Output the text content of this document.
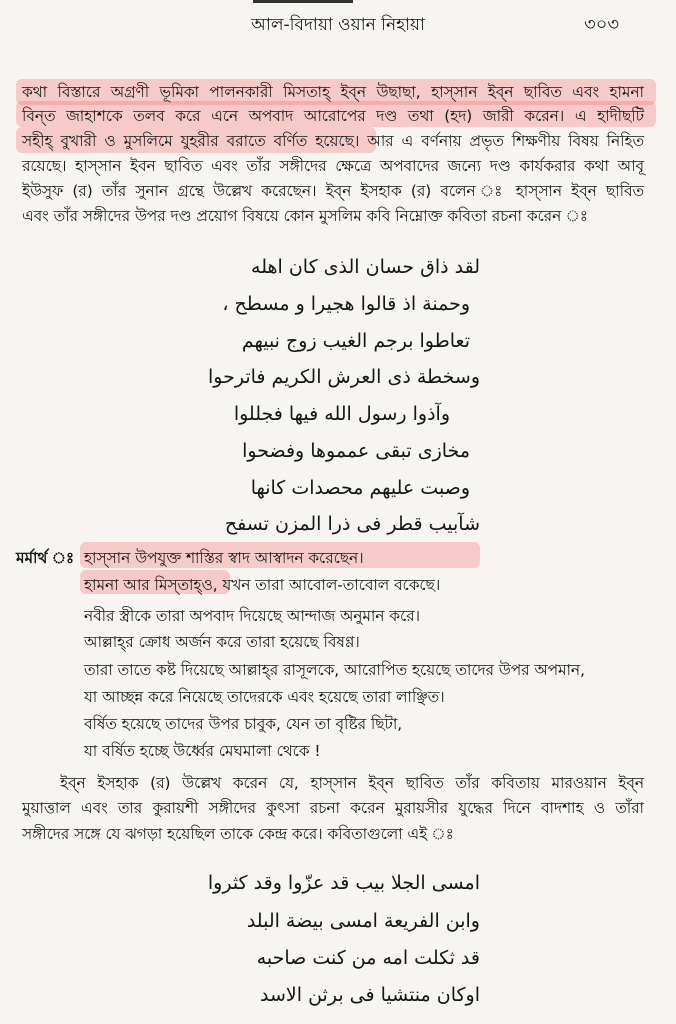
আল-বিদায়া ওয়ান নিহায়া	৩০৩
কথা বিস্তারে অগ্রণী ভূমিকা পালনকারী মিসতাহ্‌ ইব্‌ন উছাছা, হাস্‌সান ইব্‌ন ছাবিত এবং হামনা
বিন্‌ত জাহাশকে তলব করে এনে অপবাদ আরোপের দণ্ড তথা (হদ) জারী করেন। এ হাদীছটি
সহীহ্‌ বুখারী ও মুসলিমে যুহরীর বরাতে বর্ণিত হয়েছে। আর এ বর্ণনায় প্রভৃত শিক্ষণীয় বিষয় নিহিত
রয়েছে। হাস্‌সান ইবন ছাবিত এবং তাঁর সঙ্গীদের ক্ষেত্রে অপবাদের জন্যে দণ্ড কার্যকরার কথা আবূ
ইউসুফ (র) তাঁর সুনান গ্রন্থে উল্লেখ করেছেন। ইব্‌ন ইসহাক (র) বলেন ঃ হাস্‌সান ইব্‌ন ছাবিত
এবং তাঁর সঙ্গীদের উপর দণ্ড প্রয়োগ বিষয়ে কোন মুসলিম কবি নিম্নোক্ত কবিতা রচনা করেন ঃ
لقد ذاق حسان الذى كان اهله
وحمنة اذ قالوا هجيرا و مسطح ،
تعاطوا برجم الغيب زوج نبيهم
وسخطة ذى العرش الكريم فاترحوا
وآذوا رسول الله فيها فجللوا
مخازى تبقى عمموها وفضحوا
وصبت عليهم محصدات كانها
شآبيب قطر فى ذرا المزن تسفح
মর্মার্থ ঃ হাস্‌সান উপযুক্ত শাস্তির স্বাদ আস্বাদন করেছেন।
হামনা আর মিস্‌তাহ্‌ও, যখন তারা আবোল-তাবোল বকেছে।
নবীর স্ত্রীকে তারা অপবাদ দিয়েছে আন্দাজ অনুমান করে।
আল্লাহ্‌র ক্রোধ অর্জন করে তারা হয়েছে বিষণ্ণ।
তারা তাতে কষ্ট দিয়েছে আল্লাহ্‌র রাসূলকে, আরোপিত হয়েছে তাদের উপর অপমান,
যা আচ্ছন্ন করে নিয়েছে তাদেরকে এবং হয়েছে তারা লাঞ্ছিত।
বর্ষিত হয়েছে তাদের উপর চাবুক, যেন তা বৃষ্টির ছিটা,
যা বর্ষিত হচ্ছে উর্ধ্বের মেঘমালা থেকে !
ইব্‌ন ইসহাক (র) উল্লেখ করেন যে, হাস্‌সান ইব্‌ন ছাবিত তাঁর কবিতায় মারওয়ান ইব্‌ন
মুয়াত্তাল এবং তার কুরায়শী সঙ্গীদের কুৎসা রচনা করেন মুরায়সীর যুদ্ধের দিনে বাদশাহ ও তাঁরা
সঙ্গীদের সঙ্গে যে ঝগড়া হয়েছিল তাকে কেন্দ্র করে। কবিতাগুলো এই ঃ
امسى الجلا بيب قد عزّوا وقد كثروا
وابن الفريعة امسى بيضة البلد
قد ثكلت امه من كنت صاحبه
اوكان منتشيا فى برثن الاسد
